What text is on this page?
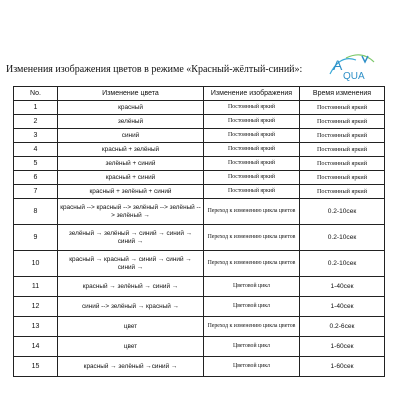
Изменения изображения цветов в режиме «Красный-жёлтый-синий»:	A
QUA
No.	Изменение цвета	Изменение изображения	Время изменения
1	красный	Постоянный яркий	Постоянный яркий
2	зелёный	Постоянный яркий	Постоянный яркий
3	синий	Постоянный яркий	Постоянный яркий
4	красный + зелёный	Постоянный яркий	Постоянный яркий
5	зелёный + синий	Постоянный яркий	Постоянный яркий
6	красный + синий	Постоянный яркий	Постоянный яркий
7	красный + зелёный + синий	Постоянный яркий	Постоянный яркий
8	красный --> красный --> зелёный --> зелёный --> зелёный →	Переход к изменению цикла цветов	0.2-10сек
9	зелёный → зелёный → синий → синий → синий →	Переход к изменению цикла цветов	0.2-10сек
10	красный → красный → синий → синий → синий →	Переход к изменению цикла цветов	0.2-10сек
11	красный → зелёный → синий →	Цветовой цикл	1-40сек
12	синий --> зелёный → красный →	Цветовой цикл	1-40сек
13	цвет	Переход к изменению цикла цветов	0.2-6сек
14	цвет	Цветовой цикл	1-60сек
15	красный → зелёный →синий →	Цветовой цикл	1-60сек
